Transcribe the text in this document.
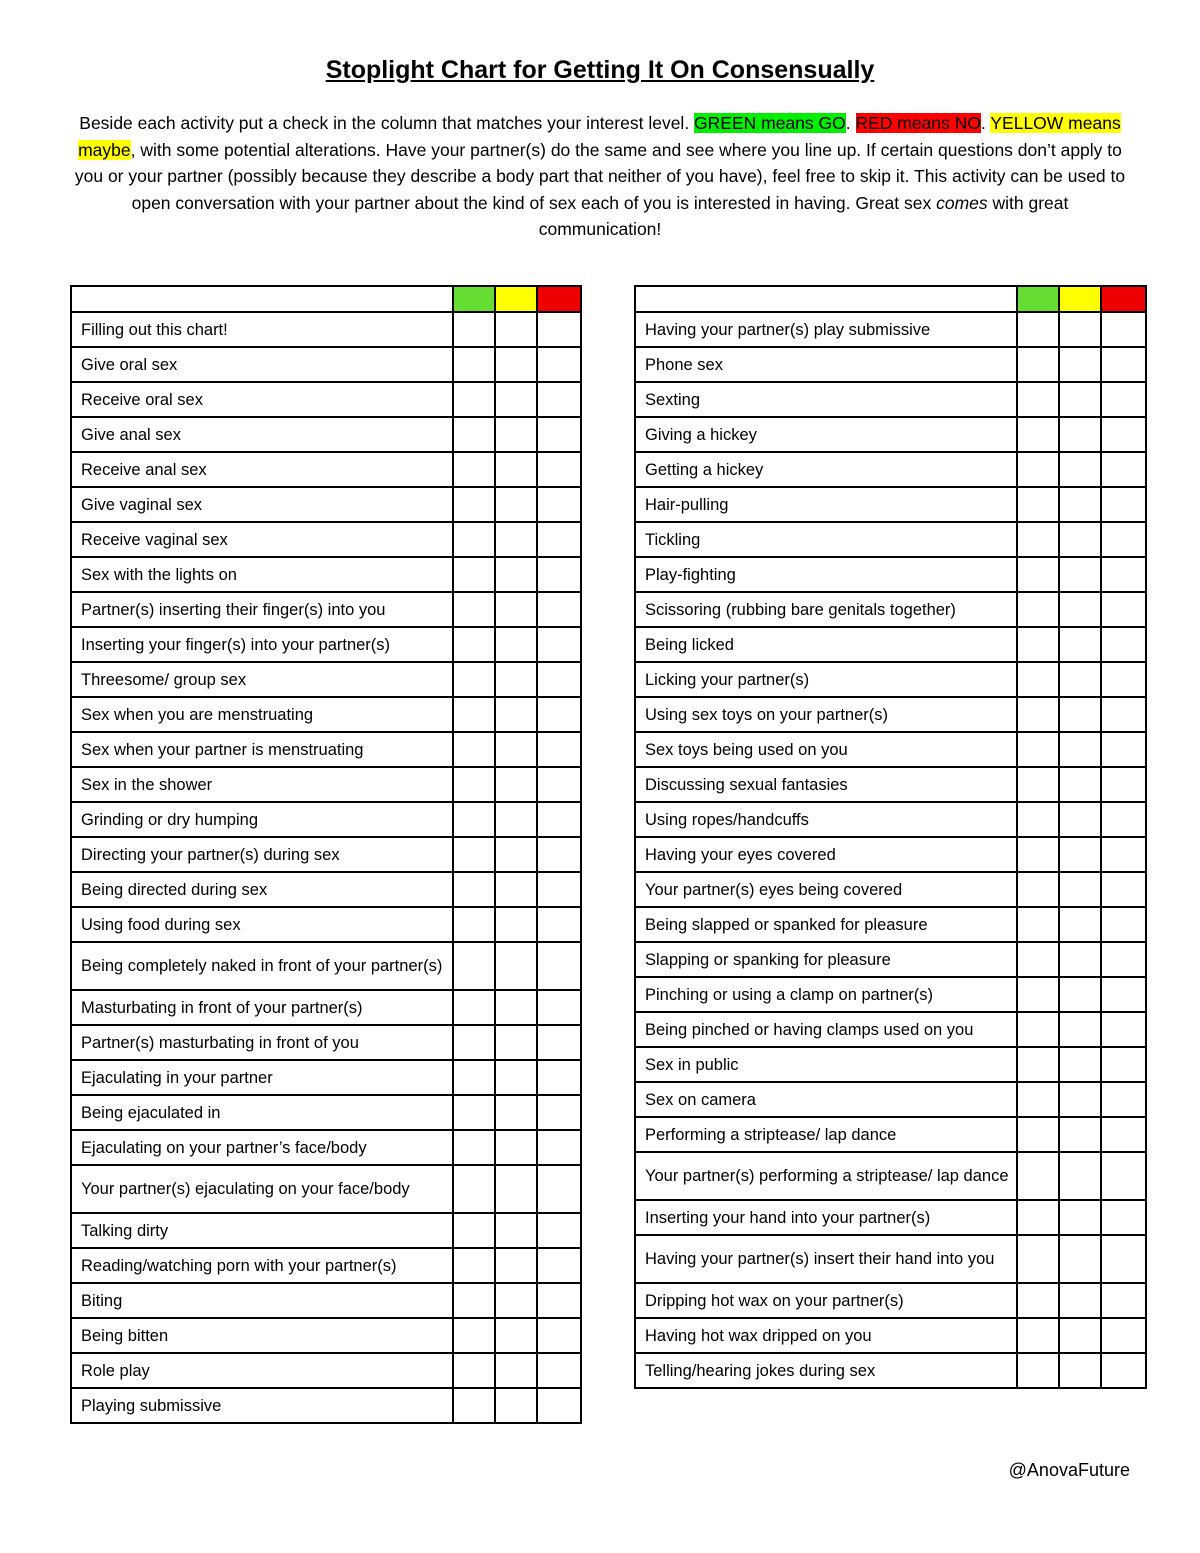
Stoplight Chart for Getting It On Consensually
Beside each activity put a check in the column that matches your interest level. GREEN means GO. RED means NO. YELLOW means maybe, with some potential alterations. Have your partner(s) do the same and see where you line up. If certain questions don’t apply to you or your partner (possibly because they describe a body part that neither of you have), feel free to skip it. This activity can be used to open conversation with your partner about the kind of sex each of you is interested in having. Great sex comes with great communication!

Filling out this chart!			
Give oral sex			
Receive oral sex			
Give anal sex			
Receive anal sex			
Give vaginal sex			
Receive vaginal sex			
Sex with the lights on			
Partner(s) inserting their finger(s) into you			
Inserting your finger(s) into your partner(s)			
Threesome/ group sex			
Sex when you are menstruating			
Sex when your partner is menstruating			
Sex in the shower			
Grinding or dry humping			
Directing your partner(s) during sex			
Being directed during sex			
Using food during sex			
Being completely naked in front of your partner(s)			
Masturbating in front of your partner(s)			
Partner(s) masturbating in front of you			
Ejaculating in your partner			
Being ejaculated in			
Ejaculating on your partner’s face/body			
Your partner(s) ejaculating on your face/body			
Talking dirty			
Reading/watching porn with your partner(s)			
Biting			
Being bitten			
Role play			
Playing submissive			

Having your partner(s) play submissive			
Phone sex			
Sexting			
Giving a hickey			
Getting a hickey			
Hair-pulling			
Tickling			
Play-fighting			
Scissoring (rubbing bare genitals together)			
Being licked			
Licking your partner(s)			
Using sex toys on your partner(s)			
Sex toys being used on you			
Discussing sexual fantasies			
Using ropes/handcuffs			
Having your eyes covered			
Your partner(s) eyes being covered			
Being slapped or spanked for pleasure			
Slapping or spanking for pleasure			
Pinching or using a clamp on partner(s)			
Being pinched or having clamps used on you			
Sex in public			
Sex on camera			
Performing a striptease/ lap dance			
Your partner(s) performing a striptease/ lap dance			
Inserting your hand into your partner(s)			
Having your partner(s) insert their hand into you			
Dripping hot wax on your partner(s)			
Having hot wax dripped on you			
Telling/hearing jokes during sex			
@AnovaFuture
